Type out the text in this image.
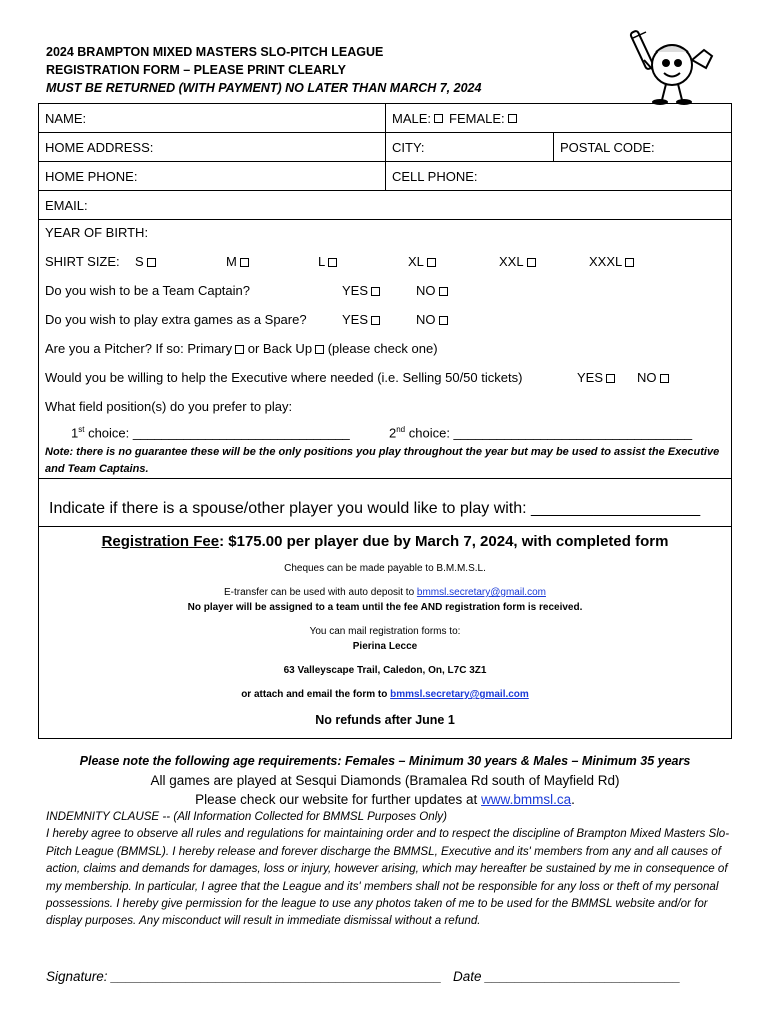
2024 BRAMPTON MIXED MASTERS SLO-PITCH LEAGUE
REGISTRATION FORM – PLEASE PRINT CLEARLY
MUST BE RETURNED (WITH PAYMENT) NO LATER THAN MARCH 7, 2024
NAME:	MALE: FEMALE:
HOME ADDRESS:	CITY:	POSTAL CODE:
HOME PHONE:	CELL PHONE:
EMAIL:
YEAR OF BIRTH:
SHIRT SIZE: S	M	L	XL	XXL	XXXL
Do you wish to be a Team Captain?	YES	NO
Do you wish to play extra games as a Spare?	YES	NO
Are you a Pitcher? If so: Primary or Back Up (please check one)
Would you be willing to help the Executive where needed (i.e. Selling 50/50 tickets)	YES	NO
What field position(s) do you prefer to play:
1st choice: ______________________________	2nd choice: _________________________________
Note: there is no guarantee these will be the only positions you play throughout the year but may be used to assist the Executive and Team Captains.
Indicate if there is a spouse/other player you would like to play with: ___________________
Registration Fee: $175.00 per player due by March 7, 2024, with completed form
Cheques can be made payable to B.M.M.S.L.
E-transfer can be used with auto deposit to bmmsl.secretary@gmail.com
No player will be assigned to a team until the fee AND registration form is received.
You can mail registration forms to:
Pierina Lecce
63 Valleyscape Trail, Caledon, On, L7C 3Z1
or attach and email the form to bmmsl.secretary@gmail.com
No refunds after June 1
Please note the following age requirements: Females – Minimum 30 years & Males – Minimum 35 years
All games are played at Sesqui Diamonds (Bramalea Rd south of Mayfield Rd)
Please check our website for further updates at www.bmmsl.ca.
INDEMNITY CLAUSE -- (All Information Collected for BMMSL Purposes Only)
I hereby agree to observe all rules and regulations for maintaining order and to respect the discipline of Brampton Mixed Masters Slo-Pitch League (BMMSL). I hereby release and forever discharge the BMMSL, Executive and its' members from any and all causes of action, claims and demands for damages, loss or injury, however arising, which may hereafter be sustained by me in consequence of my membership. In particular, I agree that the League and its' members shall not be responsible for any loss or theft of my personal possessions. I hereby give permission for the league to use any photos taken of me to be used for the BMMSL website and/or for display purposes. Any misconduct will result in immediate dismissal without a refund.
Signature: ____________________________________________ Date __________________________
